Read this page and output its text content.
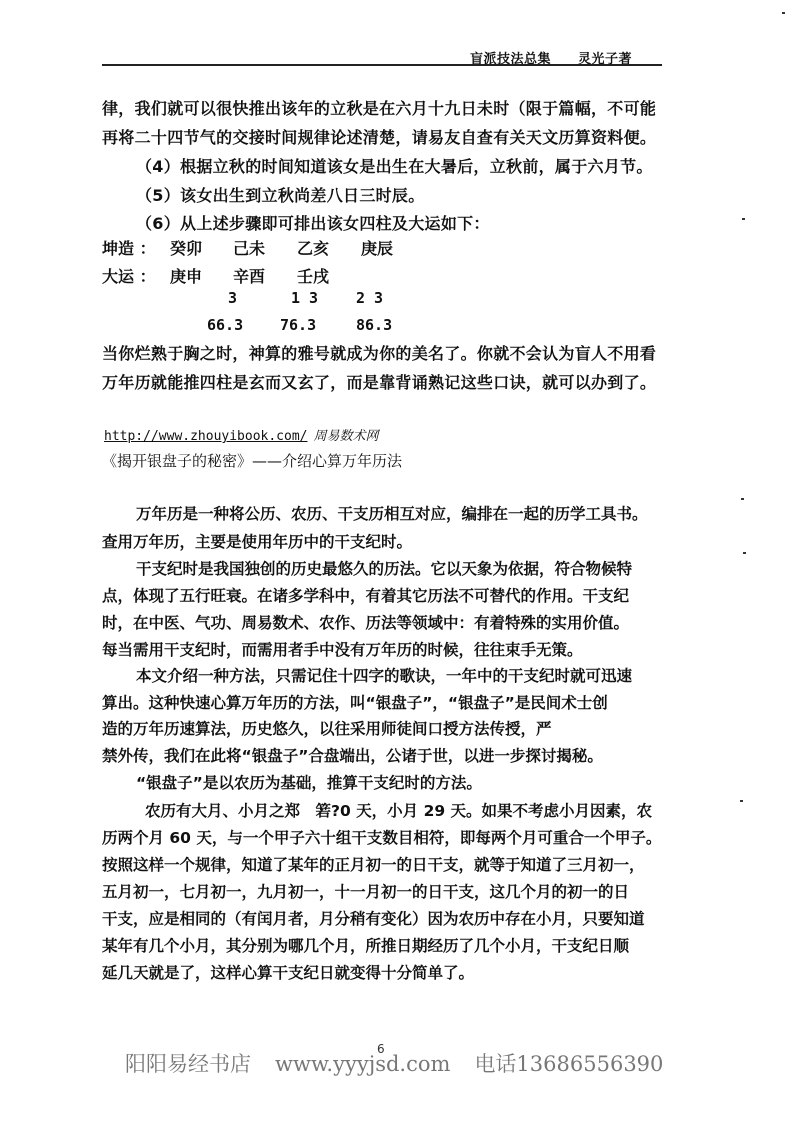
盲派技法总集 灵光子著
律，我们就可以很快推出该年的立秋是在六月十九日未时（限于篇幅，不可能
再将二十四节气的交接时间规律论述清楚，请易友自查有关天文历算资料便。
（4）根据立秋的时间知道该女是出生在大暑后，立秋前，属于六月节。
（5）该女出生到立秋尚差八日三时辰。
（6）从上述步骤即可排出该女四柱及大运如下：
坤造 ： 癸卯 己未 乙亥 庚辰
大运 ： 庚申 辛酉 壬戌
3	1 3	2 3
66.3 76.3	86.3
当你烂熟于胸之时，神算的雅号就成为你的美名了。你就不会认为盲人不用看
万年历就能推四柱是玄而又玄了，而是靠背诵熟记这些口诀，就可以办到了。
http://www.zhouyibook.com/ 周易数术网
《揭开银盘子的秘密》——介绍心算万年历法
万年历是一种将公历、农历、干支历相互对应，编排在一起的历学工具书。
查用万年历，主要是使用年历中的干支纪时。
干支纪时是我国独创的历史最悠久的历法。它以天象为依据，符合物候特
点，体现了五行旺衰。在诸多学科中，有着其它历法不可替代的作用。干支纪
时，在中医、气功、周易数术、农作、历法等领域中：有着特殊的实用价值。
每当需用干支纪时，而需用者手中没有万年历的时候，往往束手无策。
本文介绍一种方法，只需记住十四字的歌诀，一年中的干支纪时就可迅速
算出。这种快速心算万年历的方法，叫“银盘子”，“银盘子”是民间术士创
造的万年历速算法，历史悠久，以往采用师徒间口授方法传授，严
禁外传，我们在此将“银盘子”合盘端出，公诸于世，以进一步探讨揭秘。
“银盘子”是以农历为基础，推算干支纪时的方法。
农历有大月、小月之郑　箬?0 天，小月 29 天。如果不考虑小月因素，农
历两个月 60 天，与一个甲子六十组干支数目相符，即每两个月可重合一个甲子。
按照这样一个规律，知道了某年的正月初一的日干支，就等于知道了三月初一，
五月初一，七月初一，九月初一，十一月初一的日干支，这几个月的初一的日
干支，应是相同的（有闰月者，月分稍有变化）因为农历中存在小月，只要知道
某年有几个小月，其分别为哪几个月，所推日期经历了几个小月，干支纪日顺
延几天就是了，这样心算干支纪日就变得十分简单了。
6
阳阳易经书店 www.yyyjsd.com 电话13686556390
